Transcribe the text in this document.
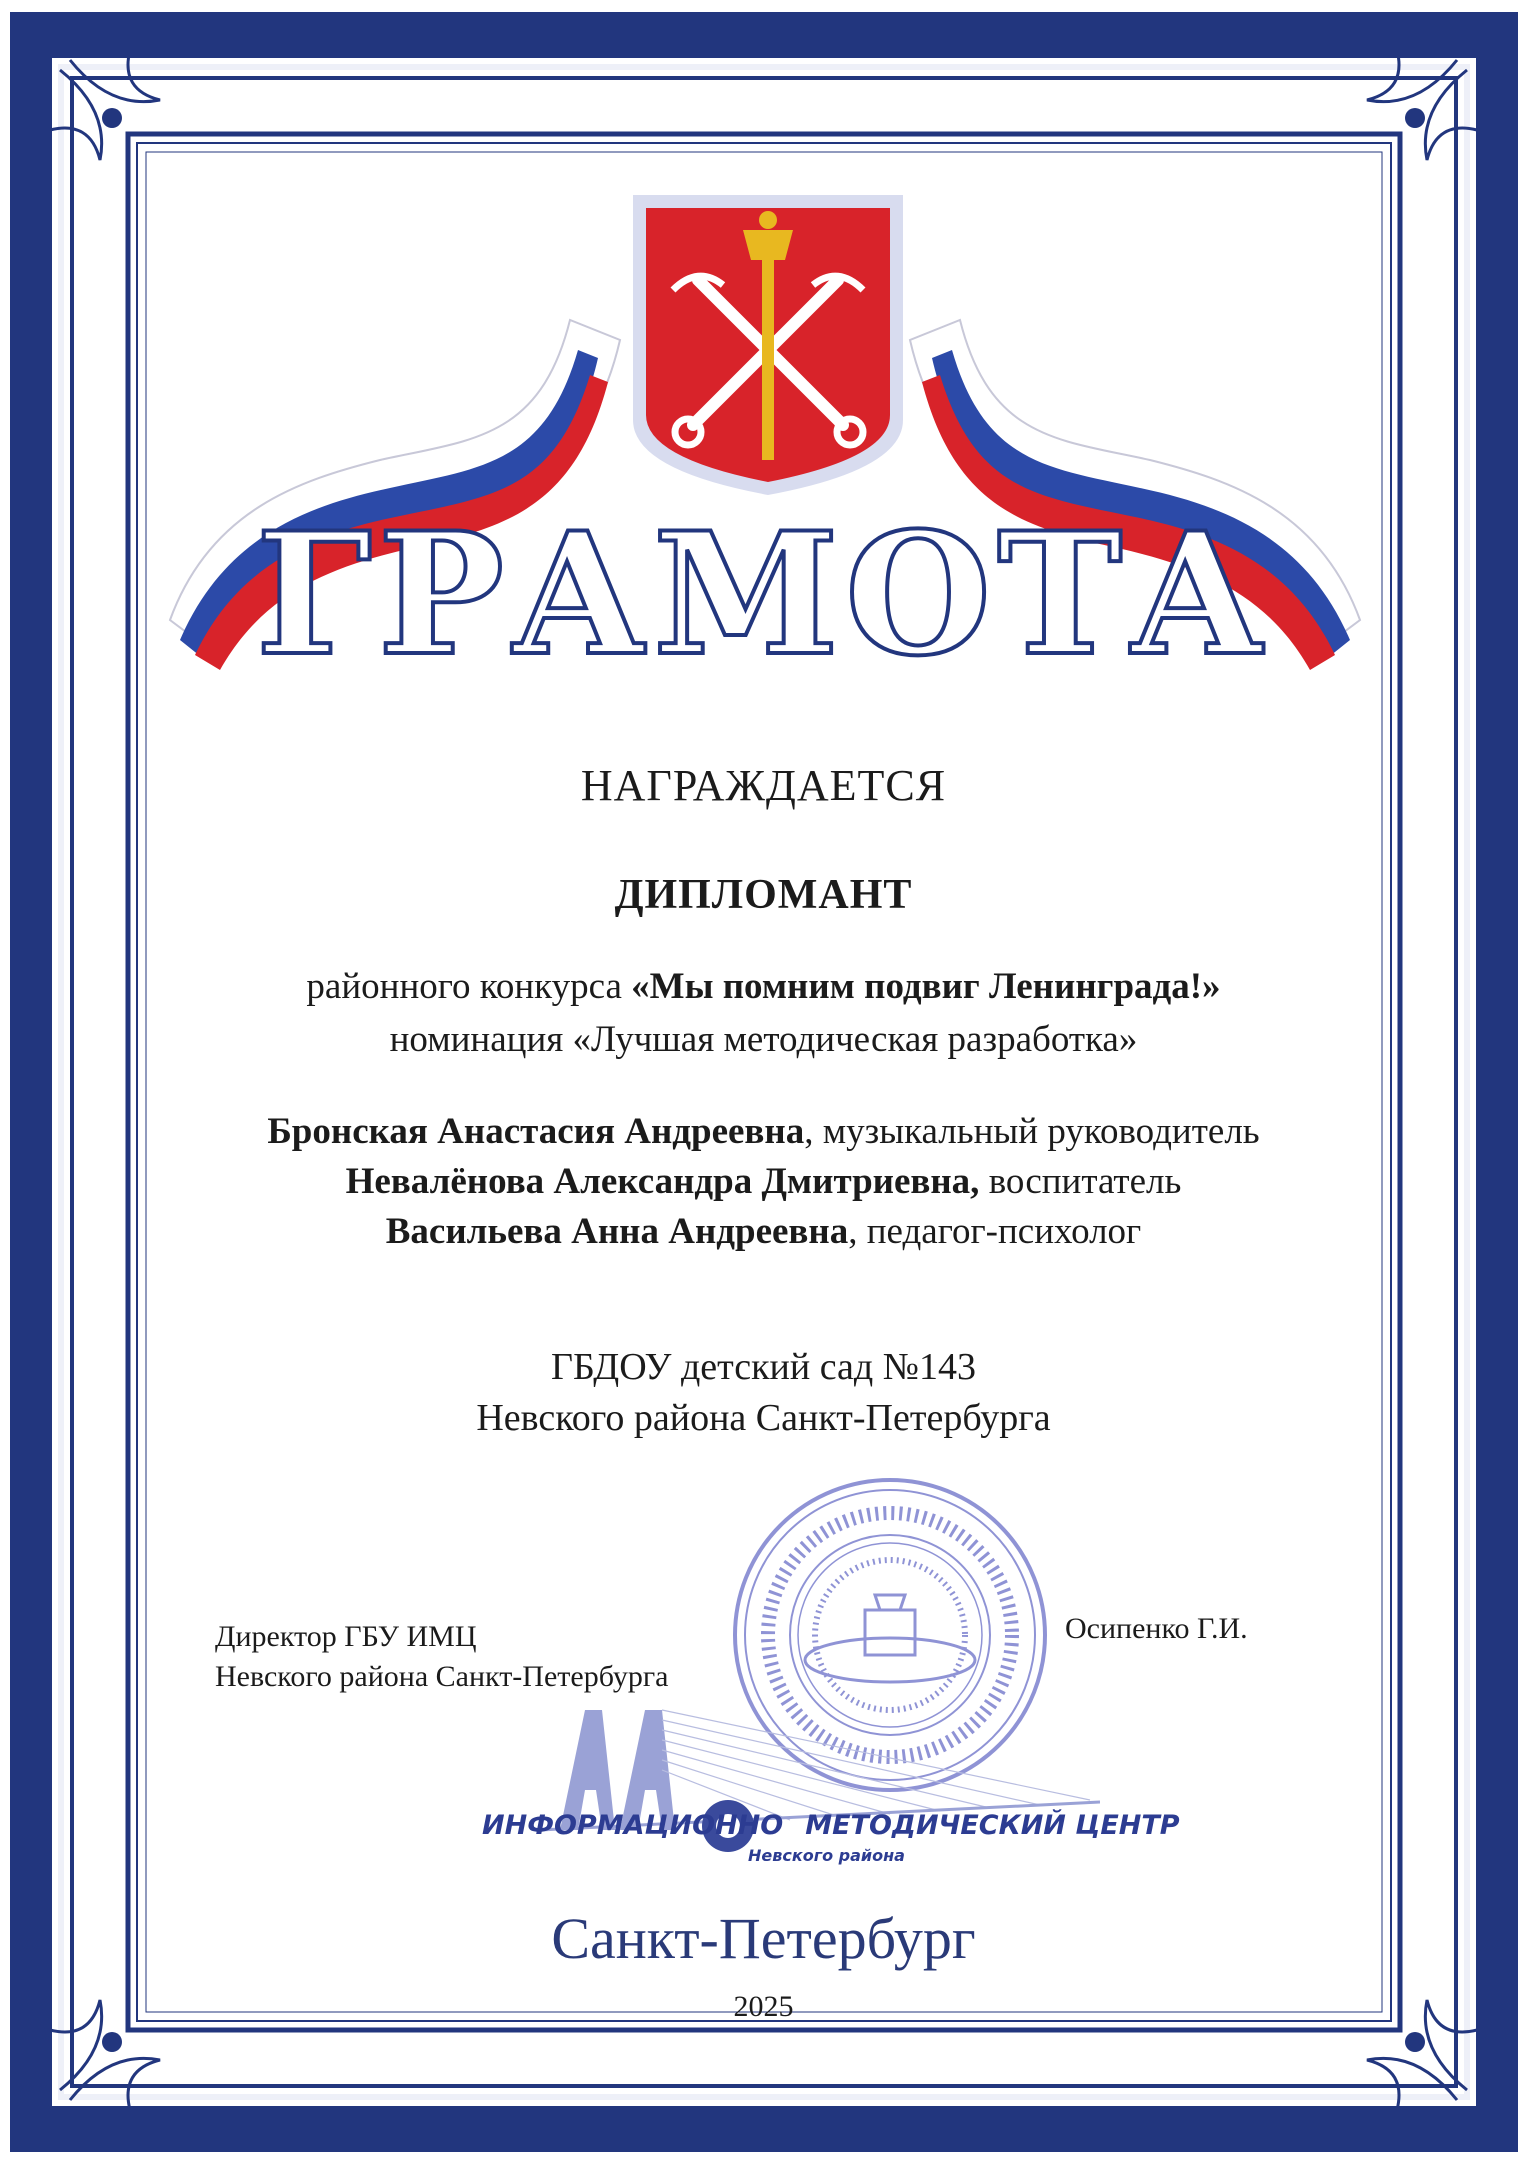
ГРАМОТА
НАГРАЖДАЕТСЯ
ДИПЛОМАНТ
районного конкурса «Мы помним подвиг Ленинграда!»
номинация «Лучшая методическая разработка»
Бронская Анастасия Андреевна, музыкальный руководитель
Невалёнова Александра Дмитриевна, воспитатель
Васильева Анна Андреевна, педагог-психолог
ГБДОУ детский сад №143
Невского района Санкт-Петербурга
ИНФОРМАЦИОННО МЕТОДИЧЕСКИЙ ЦЕНТР
Невского района
Директор ГБУ ИМЦ
Невского района Санкт-Петербурга
Осипенко Г.И.
Санкт-Петербург
2025
